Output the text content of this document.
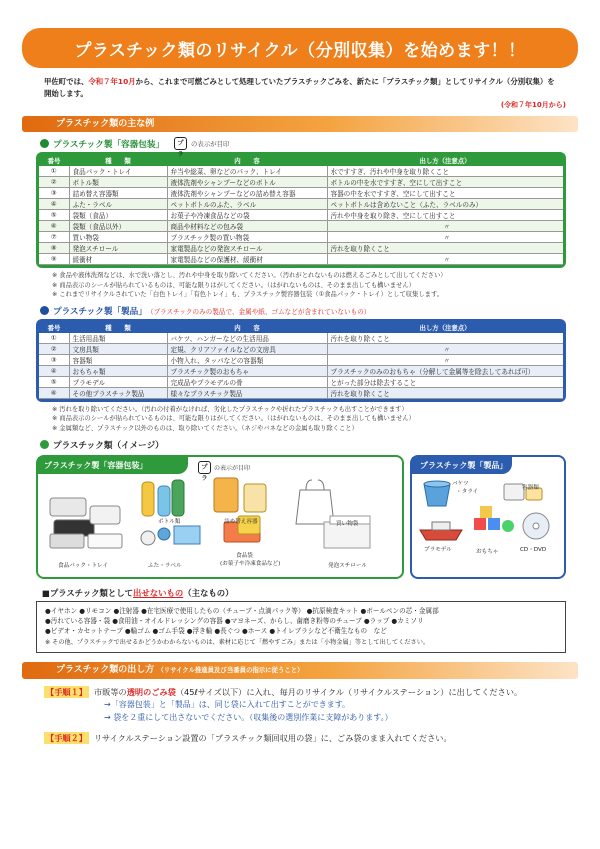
プラスチック類のリサイクル（分別収集）を始めます！！

甲佐町では、令和７年10月から、これまで可燃ごみとして処理していたプラスチックごみを、新たに「プラスチック類」としてリサイクル（分別収集）を開始します。

(令和７年10月から)

プラスチック類の主な例
プラスチック製「容器包装」	プラ
の表示が目印
番号	種　　類	内　　容	出し方（注意点）
①	食品パック・トレイ	弁当や総菜、卵などのパック、トレイ	水ですすぎ、汚れや中身を取り除くこと
②	ボトル類	液体洗剤やシャンプーなどのボトル	ボトルの中を水ですすぎ、空にして出すこと
③	詰め替え容器類	液体洗剤やシャンプーなどの詰め替え容器	容器の中を水ですすぎ、空にして出すこと
④	ふた・ラベル	ペットボトルのふた、ラベル	ペットボトルは含めないこと（ふた、ラベルのみ）
⑤	袋類（食品）	お菓子や冷凍食品などの袋	汚れや中身を取り除き、空にして出すこと
⑥	袋類（食品以外）	商品や材料などの包み袋	〃
⑦	買い物袋	プラスチック製の買い物袋	〃
⑧	発泡スチロール	家電製品などの発泡スチロール	汚れを取り除くこと
⑨	緩衝材	家電製品などの保護材、緩衝材	〃
※ 食品や液体洗剤などは、水で洗い落とし、汚れや中身を取り除いてください。（汚れがとれないものは燃えるごみとして出してください）
※ 商品表示のシールが貼られているものは、可能な限りはがしてください。（はがれないものは、そのまま出しても構いません）
※ これまでリサイクルされていた「白色トレイ」「有色トレイ」も、プラスチック製容器包装（①食品パック・トレイ）として収集します。
プラスチック製「製品」 （プラスチックのみの製品で、金属や紙、ゴムなどが含まれていないもの）
番号	種　　類	内　　容	出し方（注意点）
①	生活用品類	バケツ、ハンガーなどの生活用品	汚れを取り除くこと
②	文房具類	定規、クリアファイルなどの文房具	〃
③	容器類	小物入れ、タッパなどの容器類	〃
④	おもちゃ類	プラスチック製のおもちゃ	プラスチックのみのおもちゃ（分解して金属等を除去してあれば可）
⑤	プラモデル	完成品やプラモデルの骨	とがった部分は除去すること
⑥	その他プラスチック製品	様々なプラスチック製品	汚れを取り除くこと
※ 汚れを取り除いてください。（汚れの付着がなければ、劣化したプラスチックや折れたプラスチックも出すことができます）
※ 商品表示のシールが貼られているものは、可能な限りはがしてください。（はがれないものは、そのまま出しても構いません）
※ 金属類など、プラスチック以外のものは、取り除いてください。（ネジやバネなどの金属も取り除くこと）
プラスチック類（イメージ）
プラスチック製「容器包装」	プラ
の表示が目印
ボトル類	詰め替え容器	買い物袋
食品パック・トレイ	ふた・ラベル
食品袋
(お菓子や冷凍食品など)	発泡スチロール
プラスチック製「製品」
バケツ
・タライ
容器類
プラモデル	おもちゃ	CD・DVD
■プラスチック類として出せないもの（主なもの）
●イヤホン ●リモコン ●注射器 ●在宅医療で使用したもの（チューブ・点滴パック等） ●抗原検査キット ●ボールペンの芯・金属部
●汚れている容器・袋 ●食用油・オイルドレッシングの容器 ●マヨネーズ、からし、歯磨き粉等のチューブ ●ラップ ●カミソリ
●ビデオ・カセットテープ ●輪ゴム ●ゴム手袋 ●浮き輪 ●長ぐつ ●ホース ●トイレブラシなど不衛生なもの　など
※ その他、プラスチックで出せるかどうかわからないものは、素材に応じて「燃やすごみ」または「小物金属」等として出してください。
プラスチック類の出し方 （リサイクル推進員及び当番員の指示に従うこと）
【手順１】 市販等の透明のごみ袋（45ℓサイズ以下）に入れ、毎月のリサイクル（リサイクルステーション）に出してください。
→「容器包装」と「製品」は、同じ袋に入れて出すことができます。
→ 袋を２重にして出さないでください。（収集後の選別作業に支障があります。）
【手順２】 リサイクルステーション設置の「プラスチック類回収用の袋」に、ごみ袋のまま入れてください。
